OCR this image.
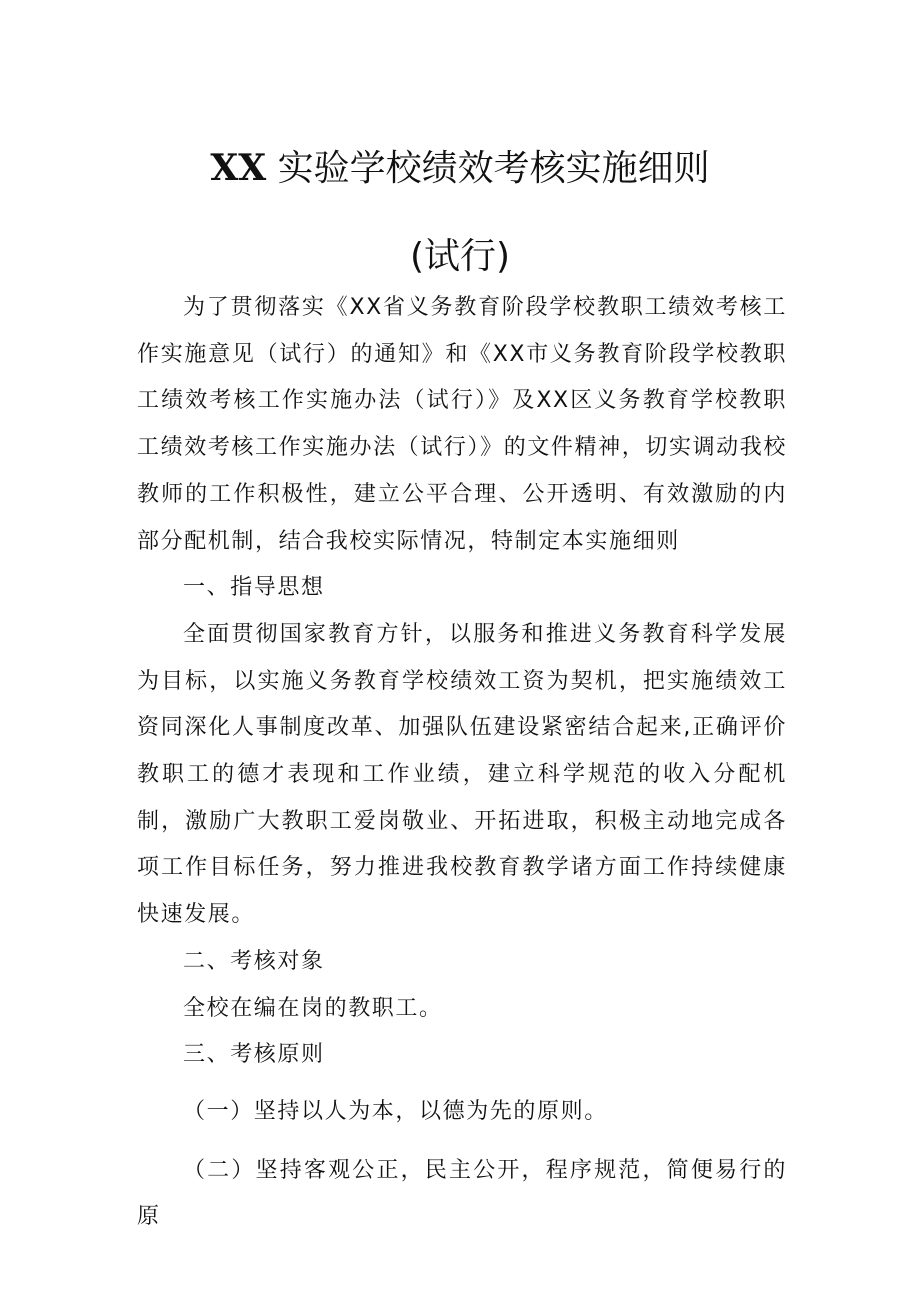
XX 实验学校绩效考核实施细则
(试行)

为了贯彻落实《XX省义务教育阶段学校教职工绩效考核工作实施意见（试行）的通知》和《XX市义务教育阶段学校教职工绩效考核工作实施办法（试行）》及XX区义务教育学校教职工绩效考核工作实施办法（试行）》的文件精神，切实调动我校教师的工作积极性，建立公平合理、公开透明、有效激励的内部分配机制，结合我校实际情况，特制定本实施细则

一、指导思想

全面贯彻国家教育方针，以服务和推进义务教育科学发展为目标，以实施义务教育学校绩效工资为契机，把实施绩效工资同深化人事制度改革、加强队伍建设紧密结合起来,正确评价教职工的德才表现和工作业绩，建立科学规范的收入分配机制，激励广大教职工爱岗敬业、开拓进取，积极主动地完成各项工作目标任务，努力推进我校教育教学诸方面工作持续健康快速发展。

二、考核对象

全校在编在岗的教职工。

三、考核原则

（一）坚持以人为本，以德为先的原则。

（二）坚持客观公正，民主公开，程序规范，简便易行的原
